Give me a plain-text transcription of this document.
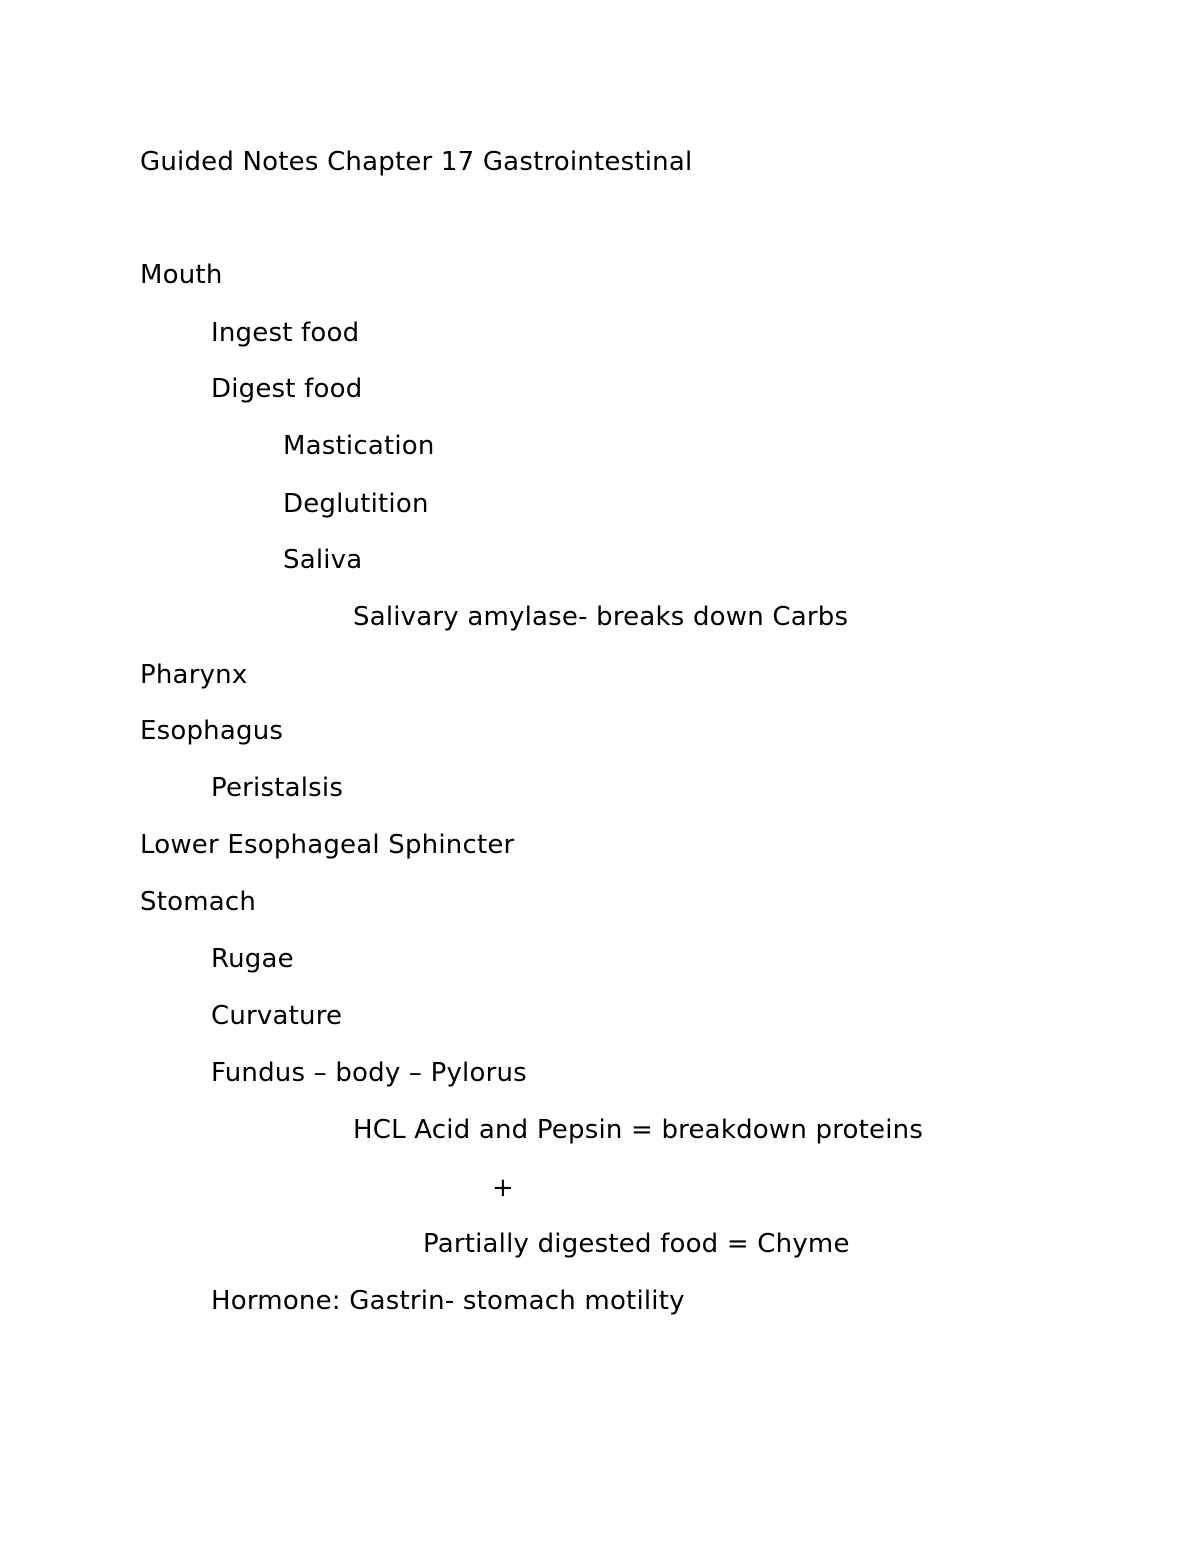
Guided Notes Chapter 17 Gastrointestinal
Mouth
Ingest food
Digest food
Mastication
Deglutition
Saliva
Salivary amylase- breaks down Carbs
Pharynx
Esophagus
Peristalsis
Lower Esophageal Sphincter
Stomach
Rugae
Curvature
Fundus – body – Pylorus
HCL Acid and Pepsin = breakdown proteins
+
Partially digested food = Chyme
Hormone: Gastrin- stomach motility
